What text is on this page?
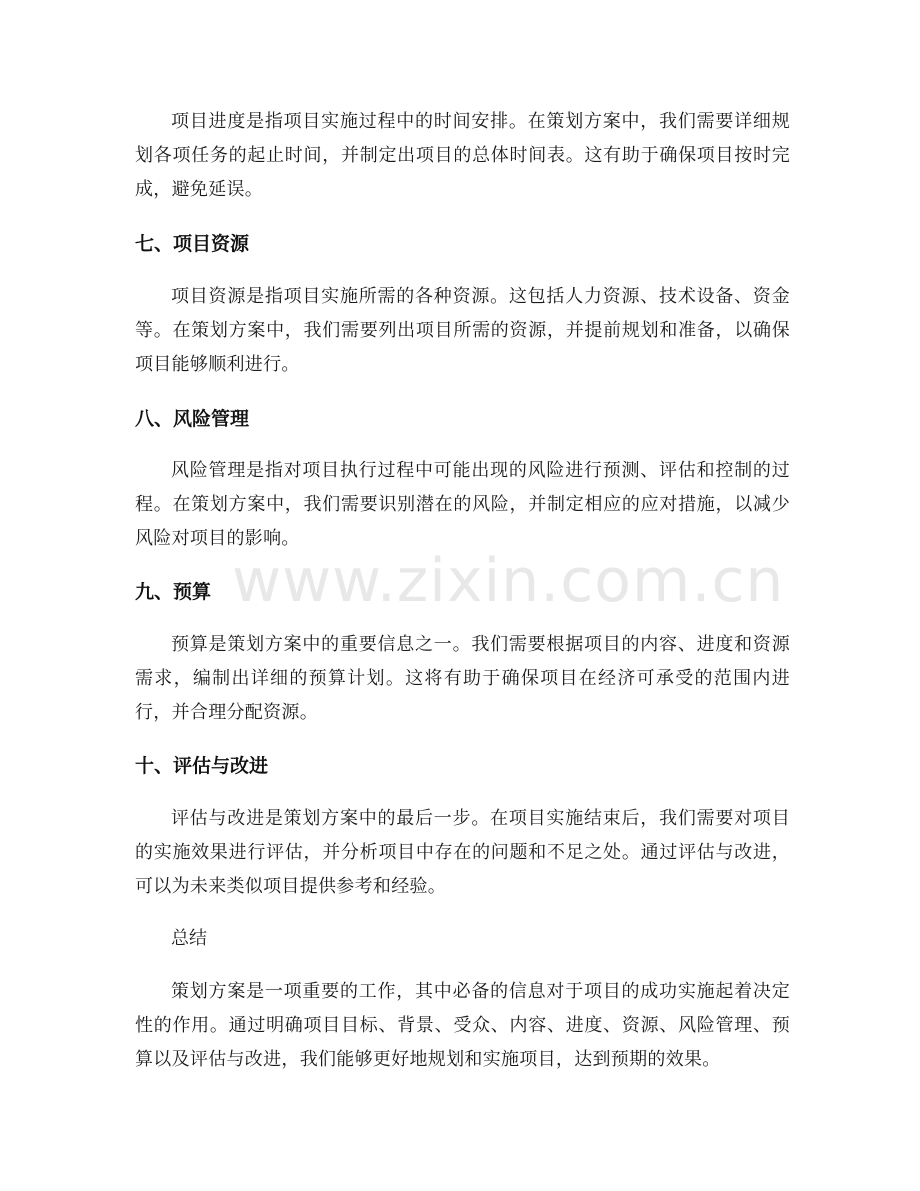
项目进度是指项目实施过程中的时间安排。在策划方案中，我们需要详细规划各项任务的起止时间，并制定出项目的总体时间表。这有助于确保项目按时完成，避免延误。

七、项目资源

项目资源是指项目实施所需的各种资源。这包括人力资源、技术设备、资金等。在策划方案中，我们需要列出项目所需的资源，并提前规划和准备，以确保项目能够顺利进行。

八、风险管理

风险管理是指对项目执行过程中可能出现的风险进行预测、评估和控制的过程。在策划方案中，我们需要识别潜在的风险，并制定相应的应对措施，以减少风险对项目的影响。

九、预算

预算是策划方案中的重要信息之一。我们需要根据项目的内容、进度和资源需求，编制出详细的预算计划。这将有助于确保项目在经济可承受的范围内进行，并合理分配资源。

十、评估与改进

评估与改进是策划方案中的最后一步。在项目实施结束后，我们需要对项目的实施效果进行评估，并分析项目中存在的问题和不足之处。通过评估与改进，可以为未来类似项目提供参考和经验。

总结

策划方案是一项重要的工作，其中必备的信息对于项目的成功实施起着决定性的作用。通过明确项目目标、背景、受众、内容、进度、资源、风险管理、预算以及评估与改进，我们能够更好地规划和实施项目，达到预期的效果。

www.zixin.com.cn
